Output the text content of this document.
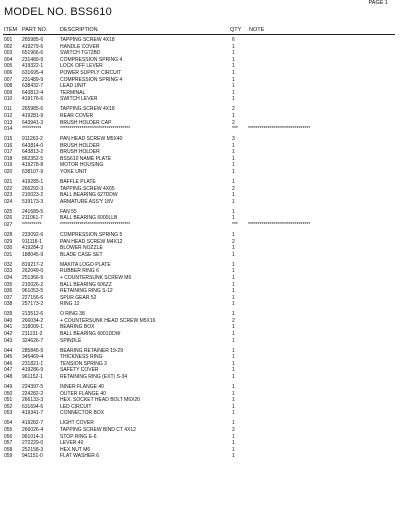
PAGE 1
MODEL NO. BSS610
ITEM PART NO. DESCRIPTION	QTY NOTE
001 265985-6	TAPPING SCREW 4X18	6
002 419279-6	HANDLE COVER	1
003 651966-6	SWITCH TG72BD	1
004 231489-9	COMPRESSION SPRING 4	1
005 419322-1	LOCK OFF LEVER	1
006 631695-4	POWER SUPPLY CIRCUIT	1
007 231489-9	COMPRESSION SPRING 4	1
008 638432-7	LEAD UNIT	1
009 643812-4	TERMINAL	1
010 419176-6	SWITCH LEVER	1
011 265985-6	TAPPING SCREW 4X18	2
012 419281-9	REAR COVER	1
013 643941-3	BRUSH HOLDER CAP	2
014 **********	************************************	*** ********************************
015 911263-2	PAN HEAD SCREW M5X40	3
016 643814-0	BRUSH HOLDER	1
017 643813-2	BRUSH HOLDER	1
018 862352-5	BSS610 NAME PLATE	1
019 419278-8	MOTOR HOUSING	1
020 638107-9	YOKE UNIT	1
021 419285-1	BAFFLE PLATE	1
022 266292-3	TAPPING SCREW 4X65	2
023 210023-2	BALL BEARING 627DDW	1
024 519173-3	ARMATURE ASS'Y 18V	1
025 241689-5	FAN 55	1
026 211061-7	BALL BEARING 6000LLB	1
027 **********	************************************	*** ********************************
028 233092-6	COMPRESSION SPRING 5	1
029 911118-1	PAN HEAD SCREW M4X12	2
030 419284-3	BLOWER NOZZLE	1
031 188045-9	BLADE CASE SET	1
032 819217-2	MAKITA LOGO PLATE	1
033 262049-0	RUBBER RING 6	1
034 251366-9	+ COUNTERSUNK SCREW M6	1
035 210026-2	BALL BEARING 606ZZ	1
036 961053-5	RETAINING RING S-12	1
037 227156-6	SPUR GEAR 52	1
038 257173-2	RING 12	1
039 213512-6	O RING 38	1
040 266034-2	+ COUNTERSUNK HEAD SCREW M5X16	2
041 318009-1	BEARING BOX	1
042 211131-2	BALL BEARING 6001DDW	1
043 324626-7	SPINDLE	1
044 285845-9	BEARING RETAINER 19-29	1
045 345469-4	THICKNESS RING	1
046 231821-1	TENSION SPRING 3	1
047 419286-9	SAFETY COVER	1
048 961152-1	RETAINING RING (EXT) S-34	1
049 224397-5	INNER FLANGE 40	1
050 224282-2	OUTER FLANGE 40	1
051 266133-3	HEX. SOCKET HEAD BOLT M6X20	1
052 631694-6	LED CIRCUIT	1
053 419341-7	CONNECTOR BOX	1
054 419282-7	LIGHT COVER	1
055 266026-4	TAPPING SCREW BIND CT 4X12	2
056 961014-3	STOP RING E-6	1
057 272229-0	LEVER 40	1
058 252158-3	HEX.NUT M6	1
059 941151-0	FLAT WASHER 6	1
